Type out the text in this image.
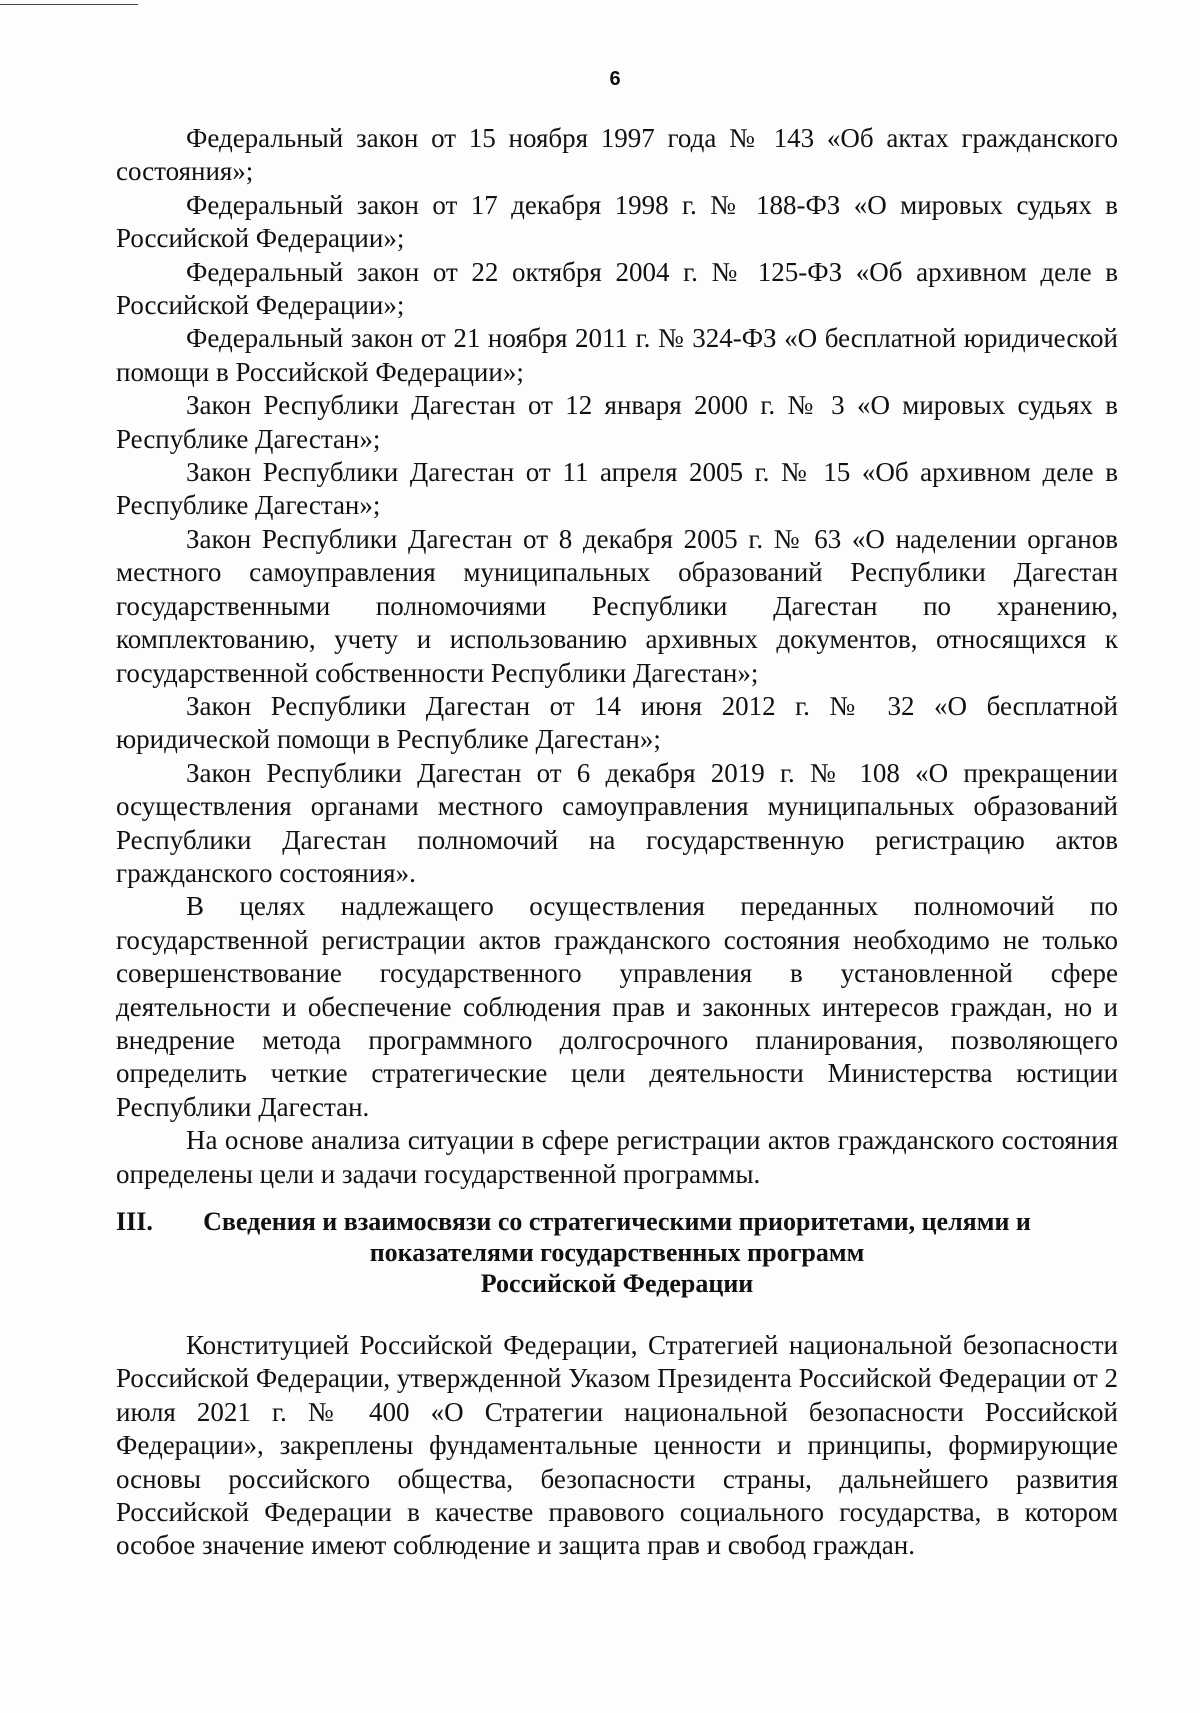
6

Федеральный закон от 15 ноября 1997 года № 143 «Об актах гражданского состояния»;

Федеральный закон от 17 декабря 1998 г. № 188-ФЗ «О мировых судьях в Российской Федерации»;

Федеральный закон от 22 октября 2004 г. № 125-ФЗ «Об архивном деле в Российской Федерации»;

Федеральный закон от 21 ноября 2011 г. № 324-ФЗ «О бесплатной юридической помощи в Российской Федерации»;

Закон Республики Дагестан от 12 января 2000 г. № 3 «О мировых судьях в Республике Дагестан»;

Закон Республики Дагестан от 11 апреля 2005 г. № 15 «Об архивном деле в Республике Дагестан»;

Закон Республики Дагестан от 8 декабря 2005 г. № 63 «О наделении органов местного самоуправления муниципальных образований Республики Дагестан государственными полномочиями Республики Дагестан по хранению, комплектованию, учету и использованию архивных документов, относящихся к государственной собственности Республики Дагестан»;

Закон Республики Дагестан от 14 июня 2012 г. № 32 «О бесплатной юридической помощи в Республике Дагестан»;

Закон Республики Дагестан от 6 декабря 2019 г. № 108 «О прекращении осуществления органами местного самоуправления муниципальных образований Республики Дагестан полномочий на государственную регистрацию актов гражданского состояния».

В целях надлежащего осуществления переданных полномочий по государственной регистрации актов гражданского состояния необходимо не только совершенствование государственного управления в установленной сфере деятельности и обеспечение соблюдения прав и законных интересов граждан, но и внедрение метода программного долгосрочного планирования, позволяющего определить четкие стратегические цели деятельности Министерства юстиции Республики Дагестан.

На основе анализа ситуации в сфере регистрации актов гражданского состояния определены цели и задачи государственной программы.

III.	Сведения и взаимосвязи со стратегическими приоритетами, целями и
показателями государственных программ
Российской Федерации

Конституцией Российской Федерации, Стратегией национальной безопасности Российской Федерации, утвержденной Указом Президента Российской Федерации от 2 июля 2021 г. № 400 «О Стратегии национальной безопасности Российской Федерации», закреплены фундаментальные ценности и принципы, формирующие основы российского общества, безопасности страны, дальнейшего развития Российской Федерации в качестве правового социального государства, в котором особое значение имеют соблюдение и защита прав и свобод граждан.
